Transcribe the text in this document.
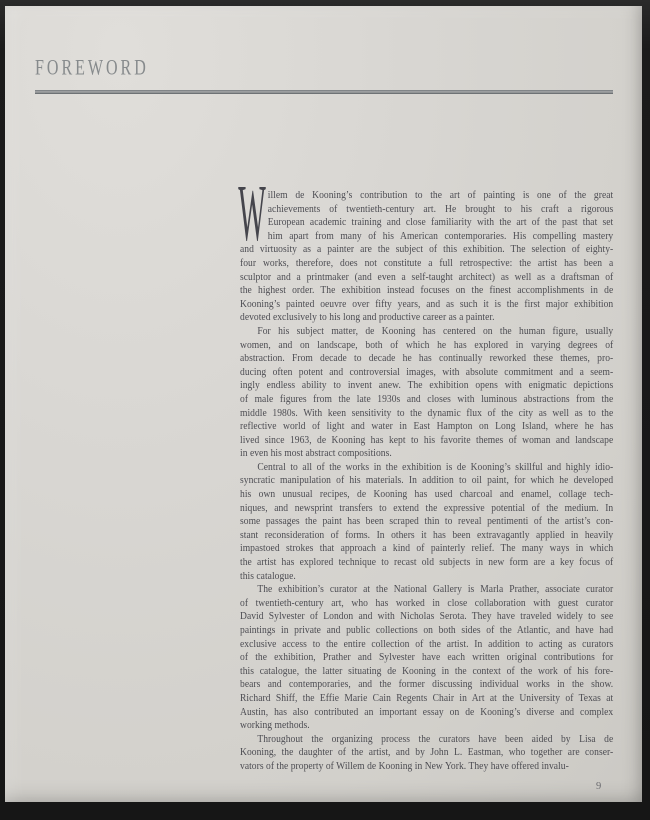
FOREWORD
W illem de Kooning’s contribution to the art of painting is one of the great
achievements of twentieth-century art. He brought to his craft a rigorous
European academic training and close familiarity with the art of the past that set
him apart from many of his American contemporaries. His compelling mastery
and virtuosity as a painter are the subject of this exhibition. The selection of eighty-
four works, therefore, does not constitute a full retrospective: the artist has been a
sculptor and a printmaker (and even a self-taught architect) as well as a draftsman of
the highest order. The exhibition instead focuses on the finest accomplishments in de
Kooning’s painted oeuvre over fifty years, and as such it is the first major exhibition
devoted exclusively to his long and productive career as a painter.
For his subject matter, de Kooning has centered on the human figure, usually
women, and on landscape, both of which he has explored in varying degrees of
abstraction. From decade to decade he has continually reworked these themes, pro-
ducing often potent and controversial images, with absolute commitment and a seem-
ingly endless ability to invent anew. The exhibition opens with enigmatic depictions
of male figures from the late 1930s and closes with luminous abstractions from the
middle 1980s. With keen sensitivity to the dynamic flux of the city as well as to the
reflective world of light and water in East Hampton on Long Island, where he has
lived since 1963, de Kooning has kept to his favorite themes of woman and landscape
in even his most abstract compositions.
Central to all of the works in the exhibition is de Kooning’s skillful and highly idio-
syncratic manipulation of his materials. In addition to oil paint, for which he developed
his own unusual recipes, de Kooning has used charcoal and enamel, collage tech-
niques, and newsprint transfers to extend the expressive potential of the medium. In
some passages the paint has been scraped thin to reveal pentimenti of the artist’s con-
stant reconsideration of forms. In others it has been extravagantly applied in heavily
impastoed strokes that approach a kind of painterly relief. The many ways in which
the artist has explored technique to recast old subjects in new form are a key focus of
this catalogue.
The exhibition’s curator at the National Gallery is Marla Prather, associate curator
of twentieth-century art, who has worked in close collaboration with guest curator
David Sylvester of London and with Nicholas Serota. They have traveled widely to see
paintings in private and public collections on both sides of the Atlantic, and have had
exclusive access to the entire collection of the artist. In addition to acting as curators
of the exhibition, Prather and Sylvester have each written original contributions for
this catalogue, the latter situating de Kooning in the context of the work of his fore-
bears and contemporaries, and the former discussing individual works in the show.
Richard Shiff, the Effie Marie Cain Regents Chair in Art at the University of Texas at
Austin, has also contributed an important essay on de Kooning’s diverse and complex
working methods.
Throughout the organizing process the curators have been aided by Lisa de
Kooning, the daughter of the artist, and by John L. Eastman, who together are conser-
vators of the property of Willem de Kooning in New York. They have offered invalu-
9
